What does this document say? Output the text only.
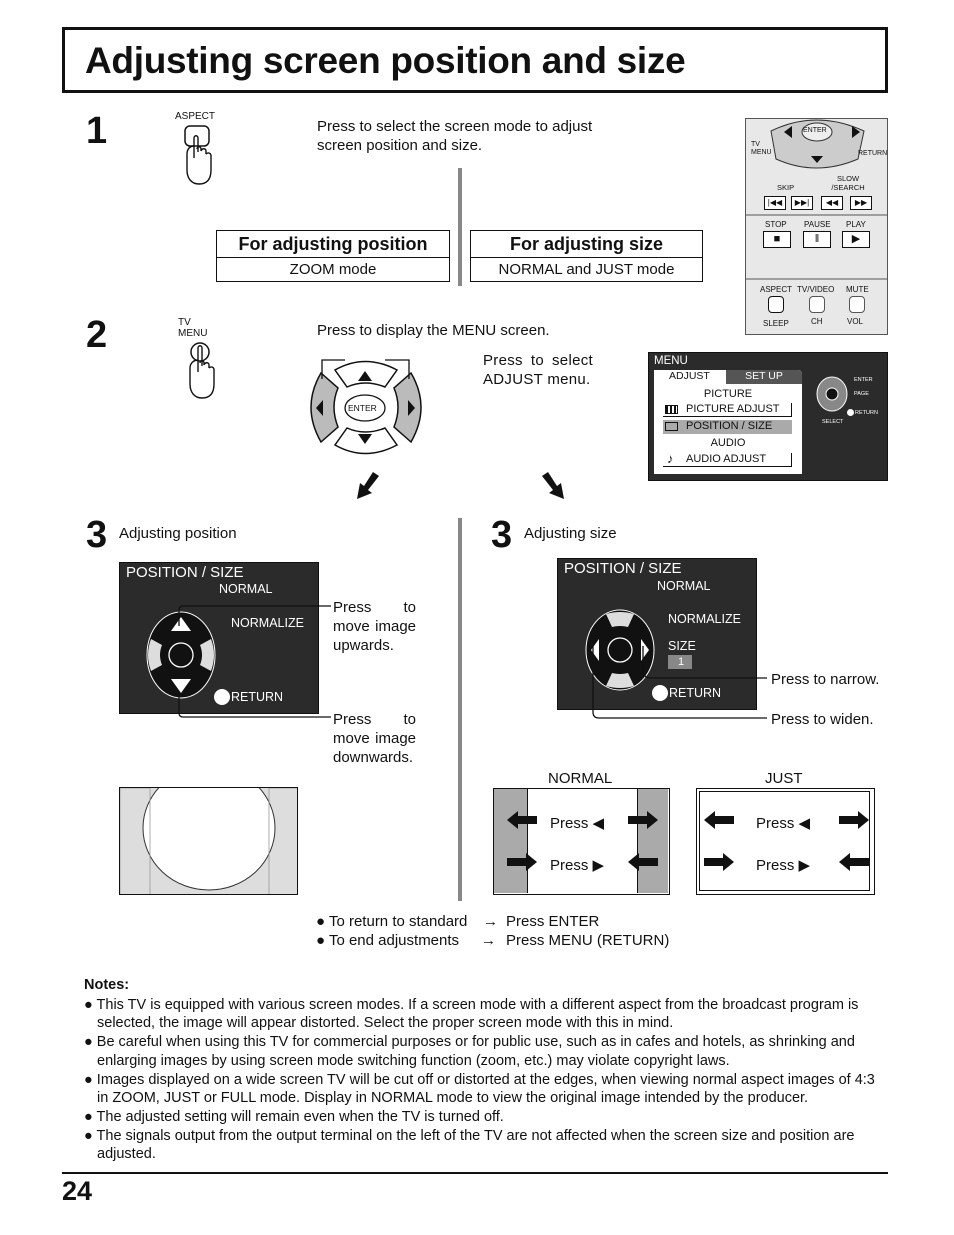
Adjusting screen position and size
1	ASPECT
Press to select the screen mode to adjust screen position and size.
For adjusting position
ZOOM mode
For adjusting size
NORMAL and JUST mode
ENTER
TV MENU	RETURN
SKIP
SLOW /SEARCH
|◀◀	▶▶|	◀◀	▶▶
STOP PAUSE PLAY
■	‖	▶
ASPECT TV/VIDEO MUTE
SLEEP	CH	VOL
2	TV MENU	Press to display the MENU screen.
ENTER
Press to select ADJUST menu.
MENU
ADJUST	SET UP
PICTURE
PICTURE ADJUST
POSITION / SIZE
AUDIO
♪ AUDIO ADJUST
ENTER
PAGE
RETURN
SELECT
3 Adjusting position
POSITION / SIZE
NORMAL
NORMALIZE
RETURN
Press to move image upwards.
Press to move image downwards.
3 Adjusting size
POSITION / SIZE
NORMAL
NORMALIZE
SIZE
1
RETURN
Press to narrow.
Press to widen.
NORMAL	JUST
Press ◀
Press ▶
Press ◀
Press ▶
● To return to standard → Press ENTER
● To end adjustments → Press MENU (RETURN)
Notes:

● This TV is equipped with various screen modes. If a screen mode with a different aspect from the broadcast program is selected, the image will appear distorted. Select the proper screen mode with this in mind.

● Be careful when using this TV for commercial purposes or for public use, such as in cafes and hotels, as shrinking and enlarging images by using screen mode switching function (zoom, etc.) may violate copyright laws.

● Images displayed on a wide screen TV will be cut off or distorted at the edges, when viewing normal aspect images of 4:3 in ZOOM, JUST or FULL mode. Display in NORMAL mode to view the original image intended by the producer.

● The adjusted setting will remain even when the TV is turned off.

● The signals output from the output terminal on the left of the TV are not affected when the screen size and position are adjusted.

24
